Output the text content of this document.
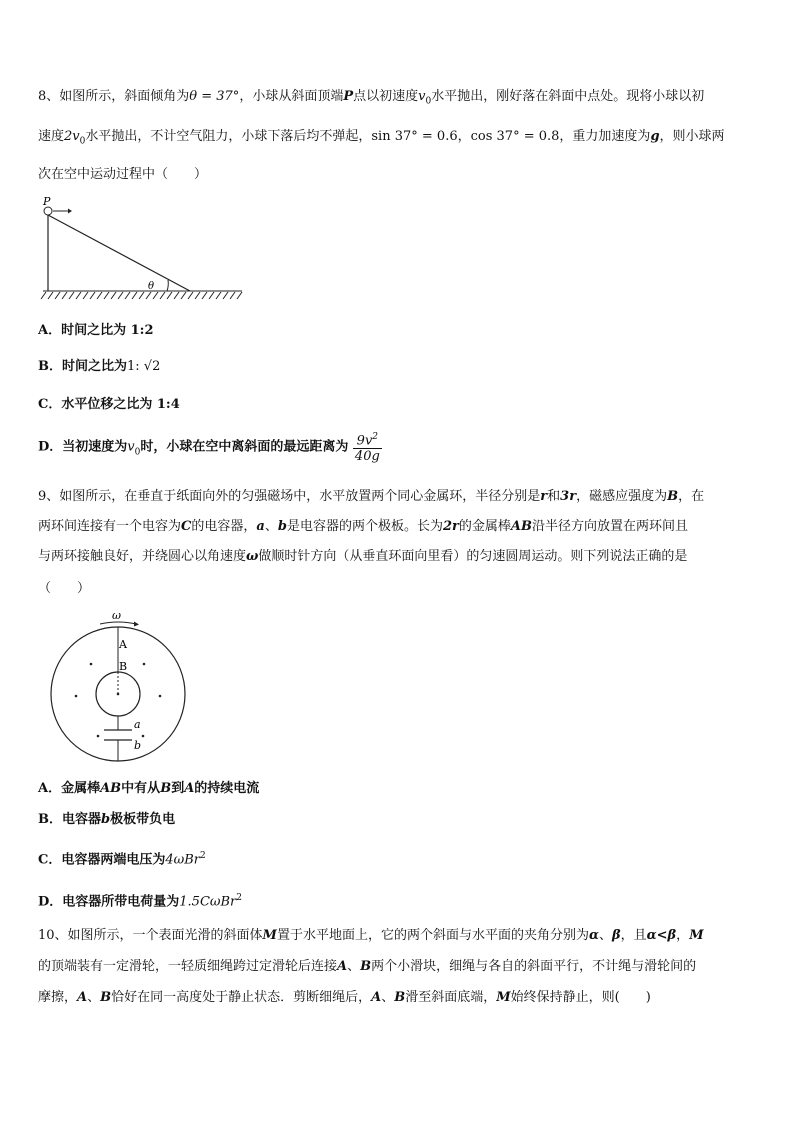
8、如图所示，斜面倾角为θ = 37°，小球从斜面顶端P点以初速度$v_0$水平抛出，刚好落在斜面中点处。现将小球以初
速度$2v_0$水平抛出，不计空气阻力，小球下落后均不弹起，sin 37° = 0.6，cos 37° = 0.8，重力加速度为g，则小球两
次在空中运动过程中（　　）
θ
P
A．时间之比为 1:2
B．时间之比为1: √2
C．水平位移之比为 1:4
D．当初速度为$v_0$时，小球在空中离斜面的最远距离为 $\frac{9v^2}{40g}$
9、如图所示，在垂直于纸面向外的匀强磁场中，水平放置两个同心金属环，半径分别是r和3r，磁感应强度为B，在
两环间连接有一个电容为C的电容器，a、b是电容器的两个极板。长为2r的金属棒AB沿半径方向放置在两环间且
与两环接触良好，并绕圆心以角速度ω做顺时针方向（从垂直环面向里看）的匀速圆周运动。则下列说法正确的是
（　　）
ω
A
B
a
b
A．金属棒AB中有从B到A的持续电流
B．电容器b极板带负电
C．电容器两端电压为4ωBr$^2$
D．电容器所带电荷量为1.5CωBr$^2$
10、如图所示，一个表面光滑的斜面体M置于水平地面上，它的两个斜面与水平面的夹角分别为α、β，且α<β，M
的顶端装有一定滑轮，一轻质细绳跨过定滑轮后连接A、B两个小滑块，细绳与各自的斜面平行，不计绳与滑轮间的
摩擦，A、B恰好在同一高度处于静止状态．剪断细绳后，A、B滑至斜面底端，M始终保持静止，则(　　)
